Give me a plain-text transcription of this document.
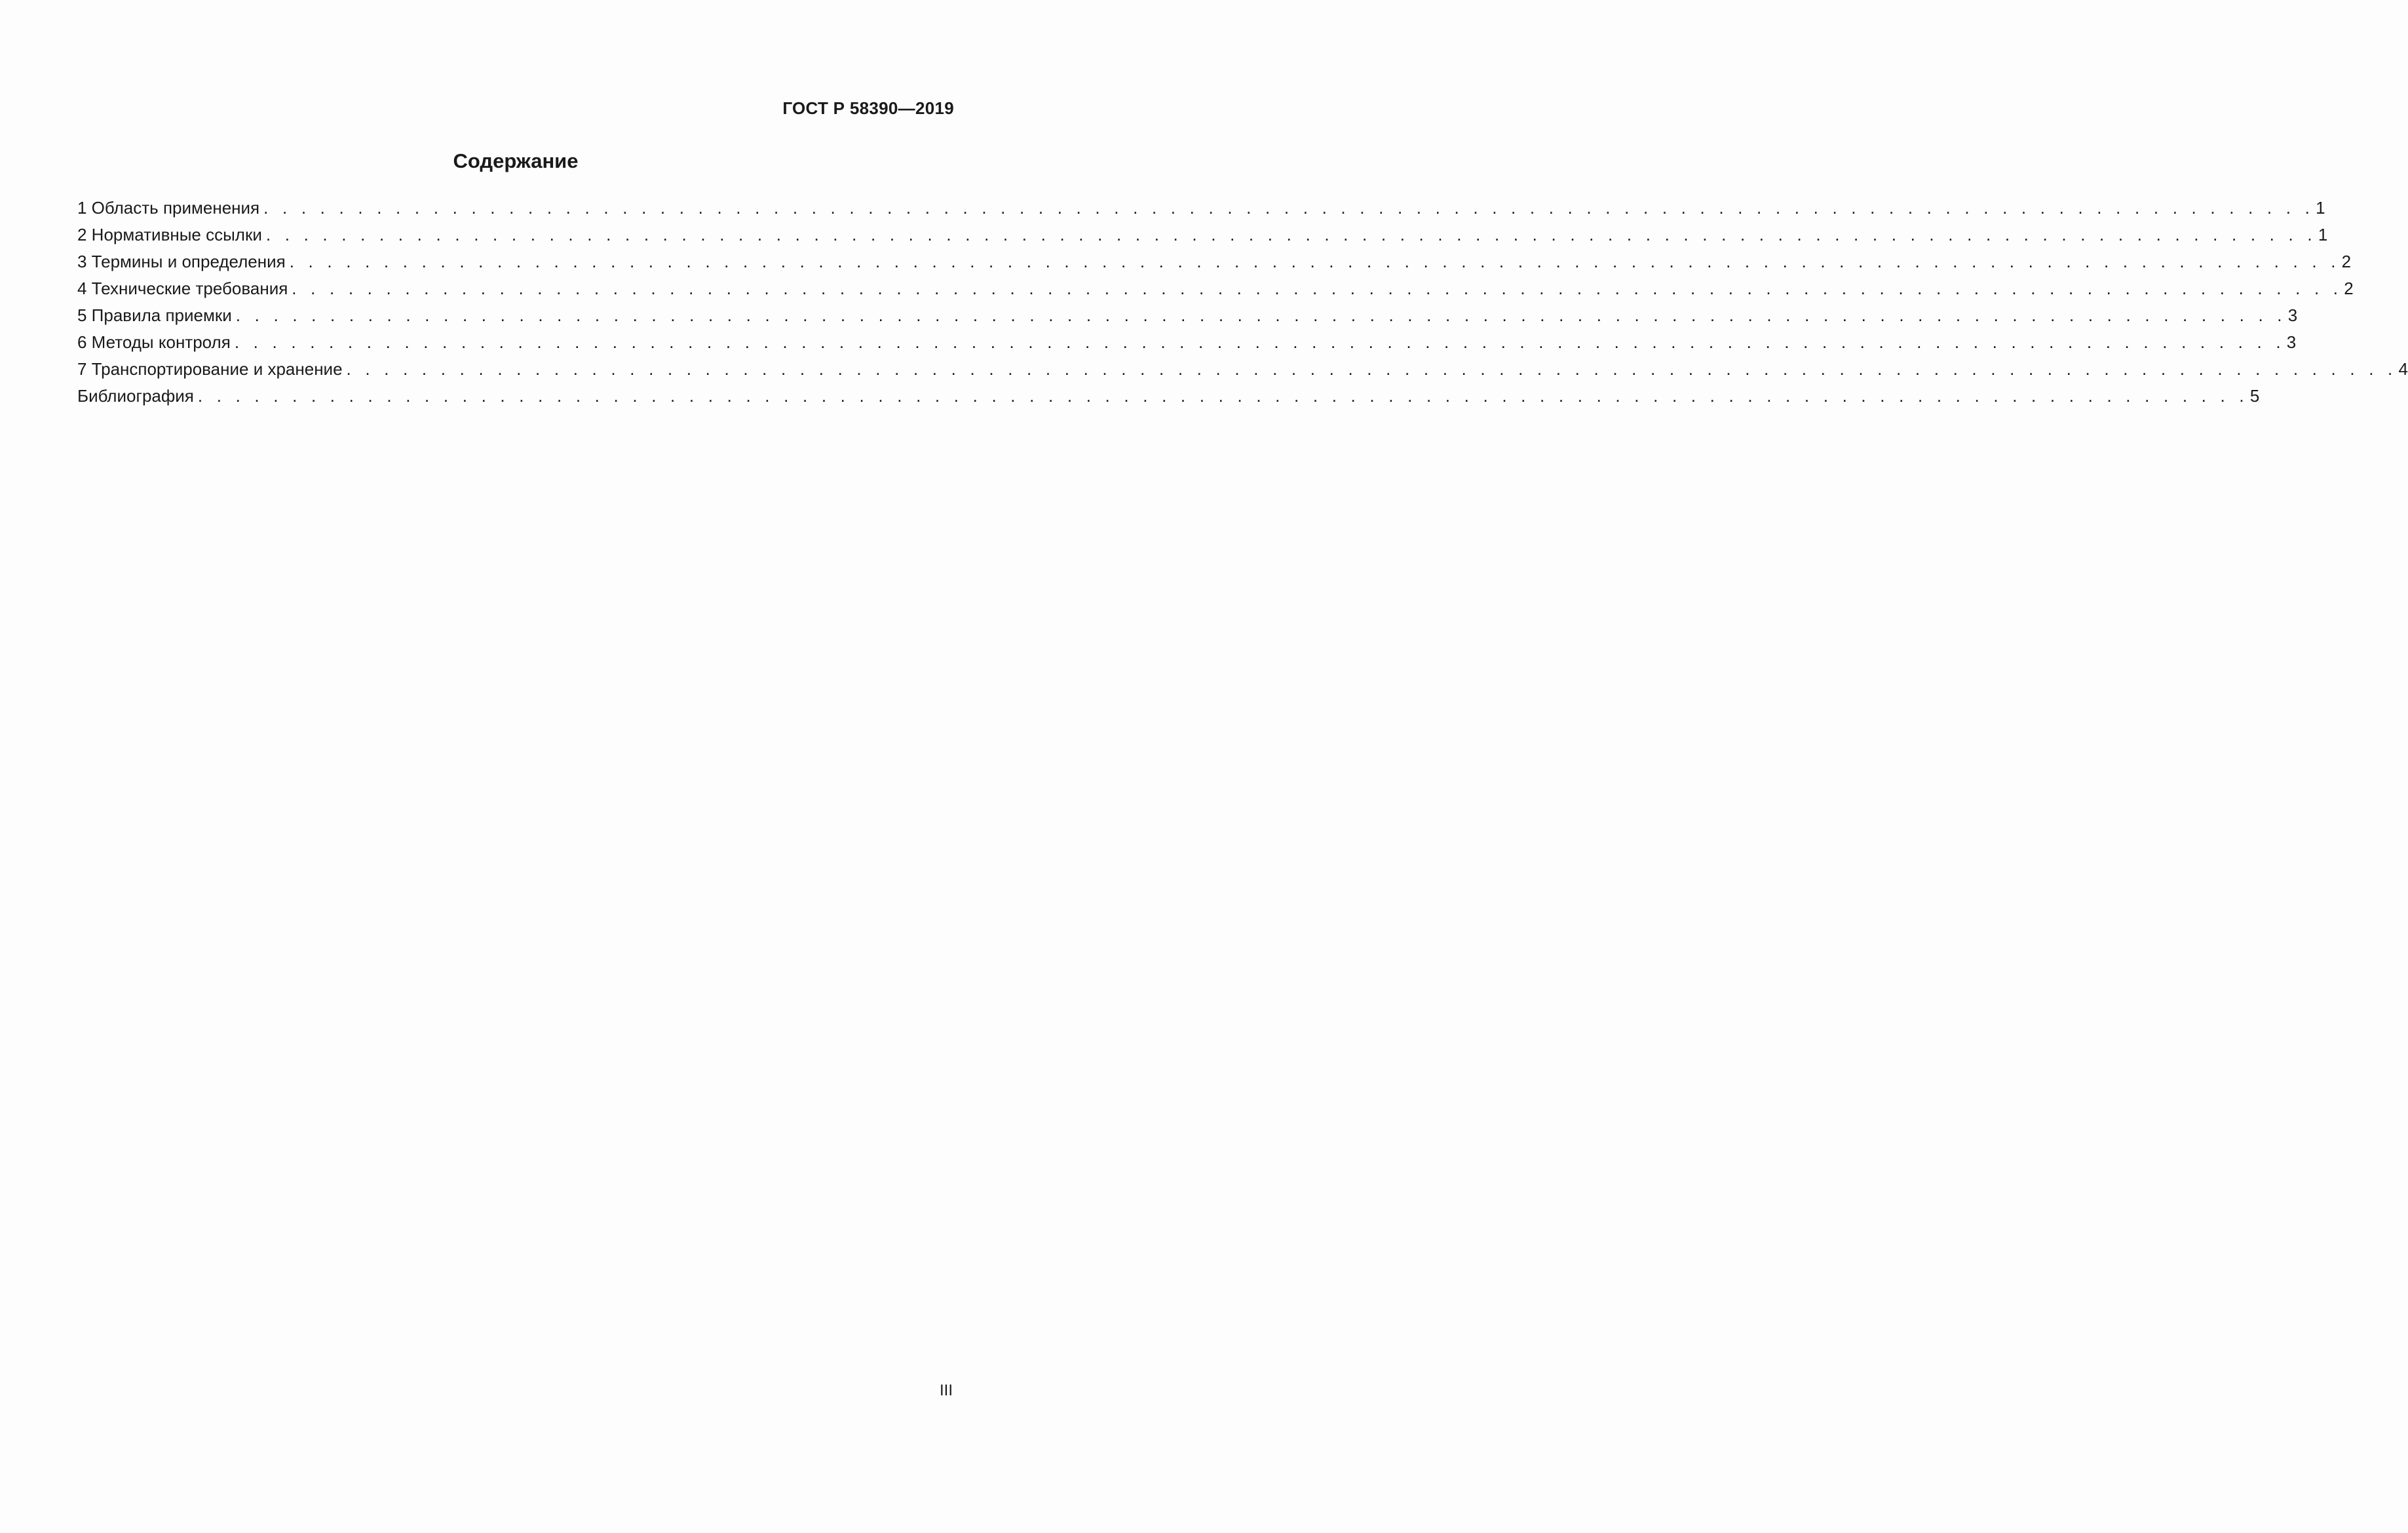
ГОСТ Р 58390—2019
Содержание
1 Область применения . . . . . . . . . . . . . . . . . . . . . . . . . . . . . . . . . . . . . . . . . . . . . . . . . . . . . . . . . . . . . . . . . . . . . . . . . . . . . . . . . . . . . . . . . . . . . . . . . . . . . . . . . . . . . 1
2 Нормативные ссылки . . . . . . . . . . . . . . . . . . . . . . . . . . . . . . . . . . . . . . . . . . . . . . . . . . . . . . . . . . . . . . . . . . . . . . . . . . . . . . . . . . . . . . . . . . . . . . . . . . . . . . . . . . . . . 1
3 Термины и определения . . . . . . . . . . . . . . . . . . . . . . . . . . . . . . . . . . . . . . . . . . . . . . . . . . . . . . . . . . . . . . . . . . . . . . . . . . . . . . . . . . . . . . . . . . . . . . . . . . . . . . . . . . . . . 2
4 Технические требования . . . . . . . . . . . . . . . . . . . . . . . . . . . . . . . . . . . . . . . . . . . . . . . . . . . . . . . . . . . . . . . . . . . . . . . . . . . . . . . . . . . . . . . . . . . . . . . . . . . . . . . . . . . . . 2
5 Правила приемки . . . . . . . . . . . . . . . . . . . . . . . . . . . . . . . . . . . . . . . . . . . . . . . . . . . . . . . . . . . . . . . . . . . . . . . . . . . . . . . . . . . . . . . . . . . . . . . . . . . . . . . . . . . . . 3
6 Методы контроля . . . . . . . . . . . . . . . . . . . . . . . . . . . . . . . . . . . . . . . . . . . . . . . . . . . . . . . . . . . . . . . . . . . . . . . . . . . . . . . . . . . . . . . . . . . . . . . . . . . . . . . . . . . . . 3
7 Транспортирование и хранение . . . . . . . . . . . . . . . . . . . . . . . . . . . . . . . . . . . . . . . . . . . . . . . . . . . . . . . . . . . . . . . . . . . . . . . . . . . . . . . . . . . . . . . . . . . . . . . . . . . . . . . . . . . . . 4
Библиография . . . . . . . . . . . . . . . . . . . . . . . . . . . . . . . . . . . . . . . . . . . . . . . . . . . . . . . . . . . . . . . . . . . . . . . . . . . . . . . . . . . . . . . . . . . . . . . . . . . . . . . . . . . . . 5
III
